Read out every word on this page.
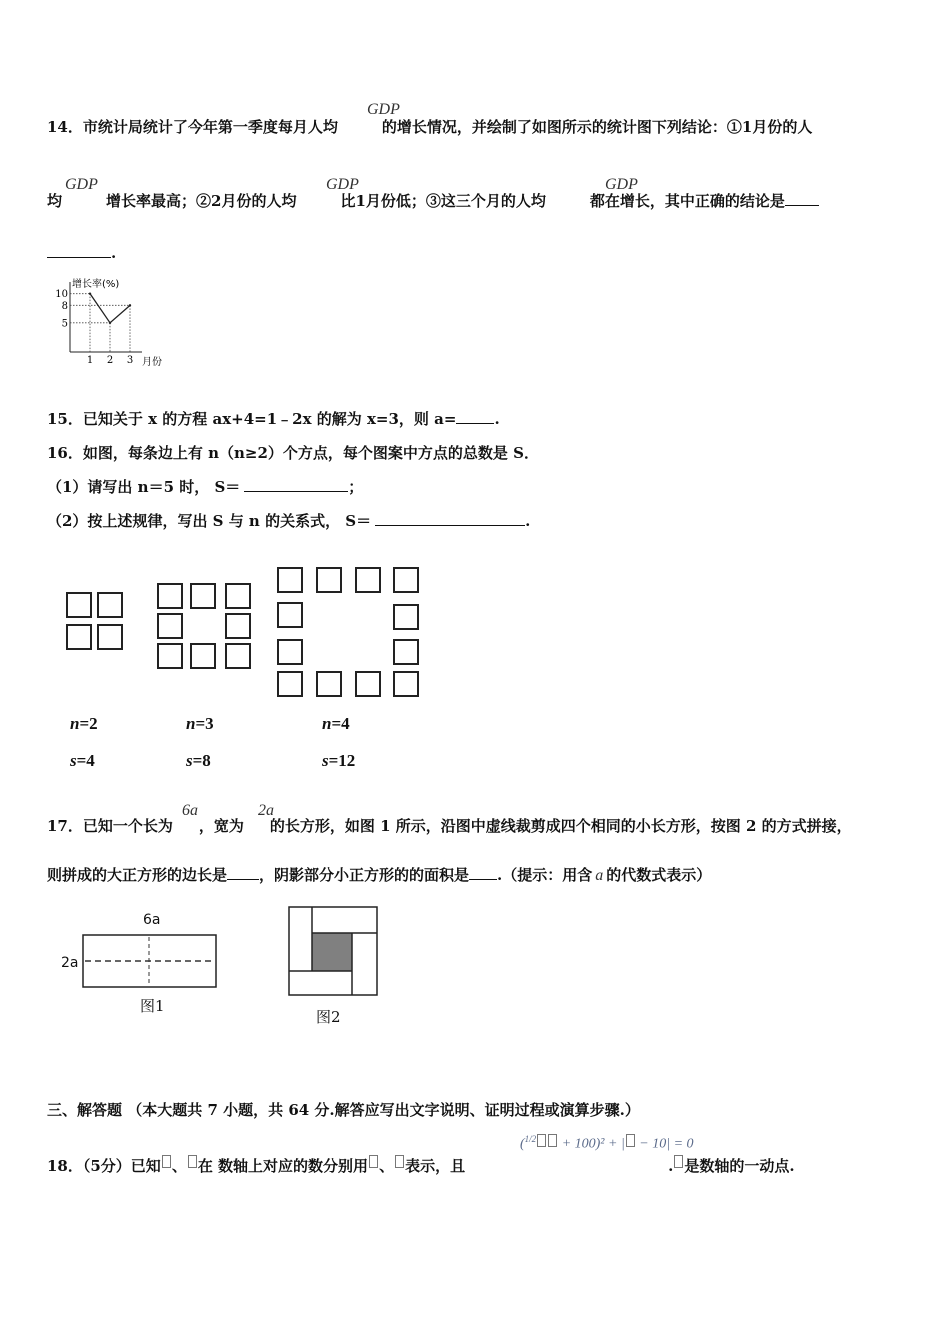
14．市统计局统计了今年第一季度每月人均	的增长情况，并绘制了如图所示的统计图下列结论：①1月份的人
GDP
均	增长率最高；②2月份的人均	比1月份低；③这三个月的人均	都在增长，其中正确的结论是
GDP	GDP	GDP
.
增长率(%)
月份
10
8
5
1 2 3
15．已知关于 x 的方程 ax+4=1﹣2x 的解为 x=3，则 a=	.
16．如图，每条边上有 n（n≥2）个方点，每个图案中方点的总数是 S．
（1）请写出 n＝5 时， S＝	；
（2）按上述规律，写出 S 与 n 的关系式， S＝	.
n=2
s=4
n=3
s=8
n=4
s=12
17．已知一个长为 ，宽为 的长方形，如图 1 所示，沿图中虚线裁剪成四个相同的小长方形，按图 2 的方式拼接，
6a	2a
则拼成的大正方形的边长是 ，阴影部分小正方形的的面积是 .（提示：用含 a 的代数式表示）
6a
2a
图1
图2
三、解答题 （本大题共 7 小题，共 64 分.解答应写出文字说明、证明过程或演算步骤.）
18．（5分）已知 、 在 数轴上对应的数分别用 、 表示，且	. 是数轴的一动点.
($^{1/2}$ + 100)² + | − 10| = 0
